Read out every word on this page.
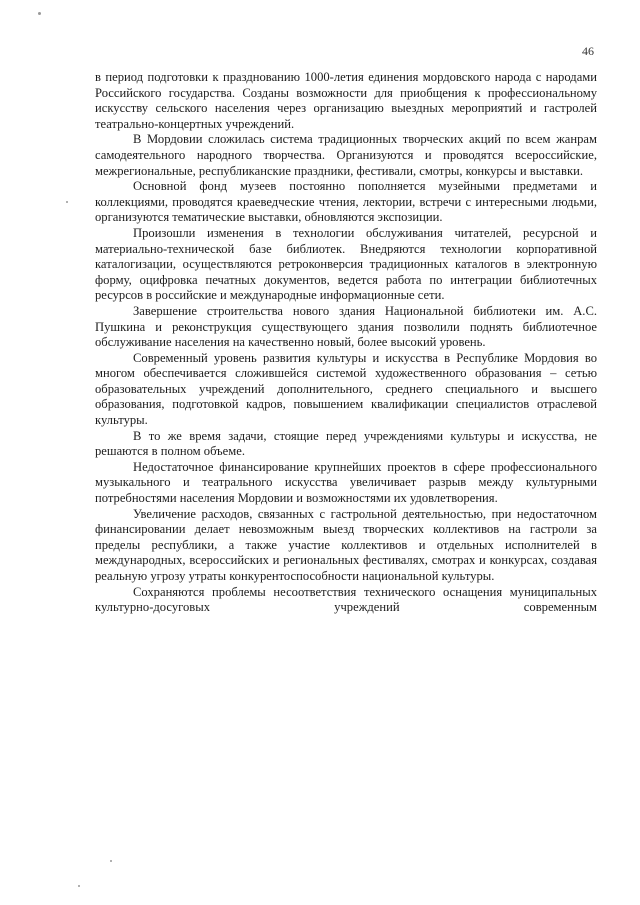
46

в период подготовки к празднованию 1000-летия единения мордовского народа с народами Российского государства. Созданы возможности для приобщения к профессиональному искусству сельского населения через организацию выездных мероприятий и гастролей театрально-концертных учреждений.

В Мордовии сложилась система традиционных творческих акций по всем жанрам самодеятельного народного творчества. Организуются и проводятся всероссийские, межрегиональные, республиканские праздники, фестивали, смотры, конкурсы и выставки.

Основной фонд музеев постоянно пополняется музейными предметами и коллекциями, проводятся краеведческие чтения, лектории, встречи с интересными людьми, организуются тематические выставки, обновляются экспозиции.

Произошли изменения в технологии обслуживания читателей, ресурсной и материально-технической базе библиотек. Внедряются технологии корпоративной каталогизации, осуществляются ретроконверсия традиционных каталогов в электронную форму, оцифровка печатных документов, ведется работа по интеграции библиотечных ресурсов в российские и международные информационные сети.

Завершение строительства нового здания Национальной библиотеки им. А.С. Пушкина и реконструкция существующего здания позволили поднять библиотечное обслуживание населения на качественно новый, более высокий уровень.

Современный уровень развития культуры и искусства в Республике Мордовия во многом обеспечивается сложившейся системой художественного образования – сетью образовательных учреждений дополнительного, среднего специального и высшего образования, подготовкой кадров, повышением квалификации специалистов отраслевой культуры.

В то же время задачи, стоящие перед учреждениями культуры и искусства, не решаются в полном объеме.

Недостаточное финансирование крупнейших проектов в сфере профессионального музыкального и театрального искусства увеличивает разрыв между культурными потребностями населения Мордовии и возможностями их удовлетворения.

Увеличение расходов, связанных с гастрольной деятельностью, при недостаточном финансировании делает невозможным выезд творческих коллективов на гастроли за пределы республики, а также участие коллективов и отдельных исполнителей в международных, всероссийских и региональных фестивалях, смотрах и конкурсах, создавая реальную угрозу утраты конкурентоспособности национальной культуры.

Сохраняются проблемы несоответствия технического оснащения муниципальных культурно-досуговых учреждений современным
